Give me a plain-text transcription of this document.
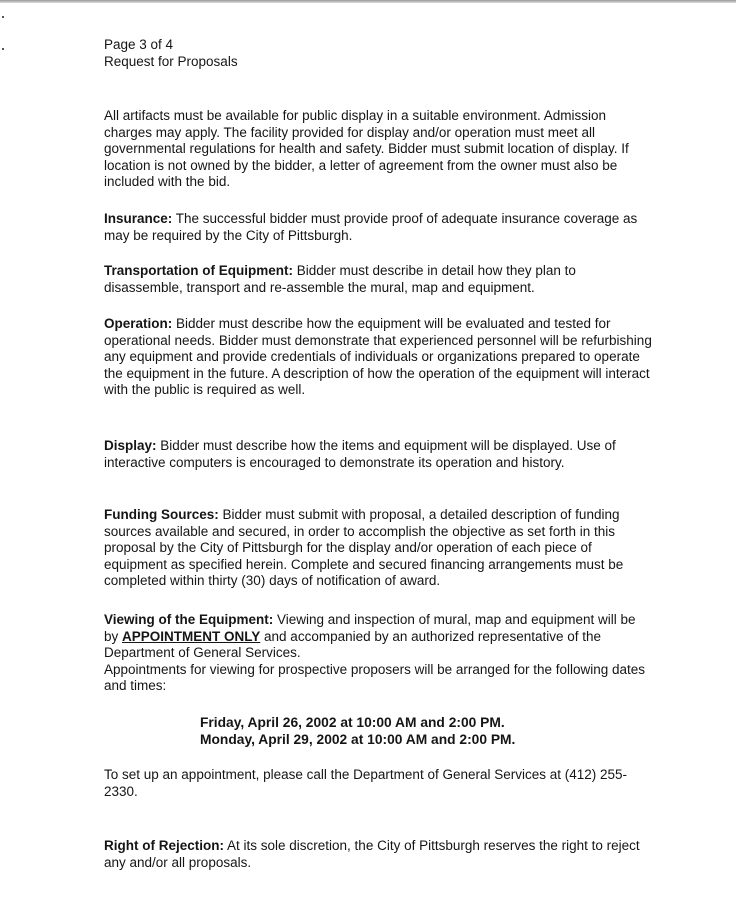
Page 3 of 4
Request for Proposals
All artifacts must be available for public display in a suitable environment. Admission charges may apply. The facility provided for display and/or operation must meet all governmental regulations for health and safety. Bidder must submit location of display. If location is not owned by the bidder, a letter of agreement from the owner must also be included with the bid.
Insurance: The successful bidder must provide proof of adequate insurance coverage as may be required by the City of Pittsburgh.
Transportation of Equipment: Bidder must describe in detail how they plan to disassemble, transport and re-assemble the mural, map and equipment.
Operation: Bidder must describe how the equipment will be evaluated and tested for operational needs. Bidder must demonstrate that experienced personnel will be refurbishing any equipment and provide credentials of individuals or organizations prepared to operate the equipment in the future. A description of how the operation of the equipment will interact with the public is required as well.
Display: Bidder must describe how the items and equipment will be displayed. Use of interactive computers is encouraged to demonstrate its operation and history.
Funding Sources: Bidder must submit with proposal, a detailed description of funding sources available and secured, in order to accomplish the objective as set forth in this proposal by the City of Pittsburgh for the display and/or operation of each piece of equipment as specified herein. Complete and secured financing arrangements must be completed within thirty (30) days of notification of award.
Viewing of the Equipment: Viewing and inspection of mural, map and equipment will be by APPOINTMENT ONLY and accompanied by an authorized representative of the Department of General Services.
Appointments for viewing for prospective proposers will be arranged for the following dates and times:
Friday, April 26, 2002 at 10:00 AM and 2:00 PM.
Monday, April 29, 2002 at 10:00 AM and 2:00 PM.
To set up an appointment, please call the Department of General Services at (412) 255-2330.
Right of Rejection: At its sole discretion, the City of Pittsburgh reserves the right to reject any and/or all proposals.
